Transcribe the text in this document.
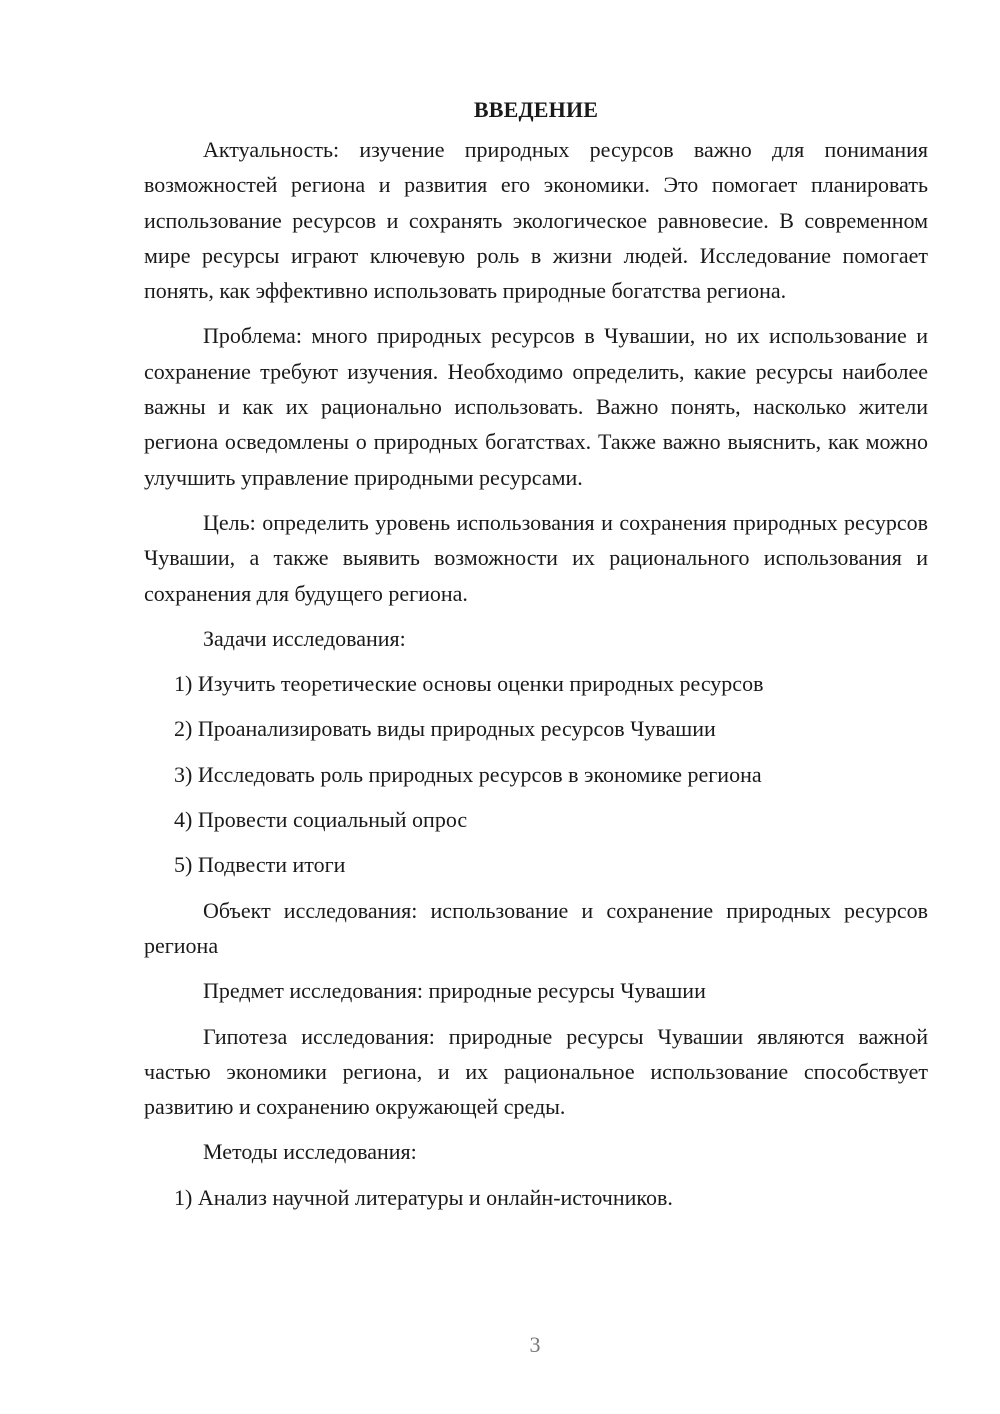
ВВЕДЕНИЕ

Актуальность: изучение природных ресурсов важно для понимания возможностей региона и развития его экономики. Это помогает планировать использование ресурсов и сохранять экологическое равновесие. В современном мире ресурсы играют ключевую роль в жизни людей. Исследование помогает понять, как эффективно использовать природные богатства региона.

Проблема: много природных ресурсов в Чувашии, но их использование и сохранение требуют изучения. Необходимо определить, какие ресурсы наиболее важны и как их рационально использовать. Важно понять, насколько жители региона осведомлены о природных богатствах. Также важно выяснить, как можно улучшить управление природными ресурсами.

Цель: определить уровень использования и сохранения природных ресурсов Чувашии, а также выявить возможности их рационального использования и сохранения для будущего региона.

Задачи исследования:

1) Изучить теоретические основы оценки природных ресурсов
2) Проанализировать виды природных ресурсов Чувашии
3) Исследовать роль природных ресурсов в экономике региона
4) Провести социальный опрос
5) Подвести итоги

Объект исследования: использование и сохранение природных ресурсов региона

Предмет исследования: природные ресурсы Чувашии

Гипотеза исследования: природные ресурсы Чувашии являются важной частью экономики региона, и их рациональное использование способствует развитию и сохранению окружающей среды.

Методы исследования:

1) Анализ научной литературы и онлайн-источников.
3
